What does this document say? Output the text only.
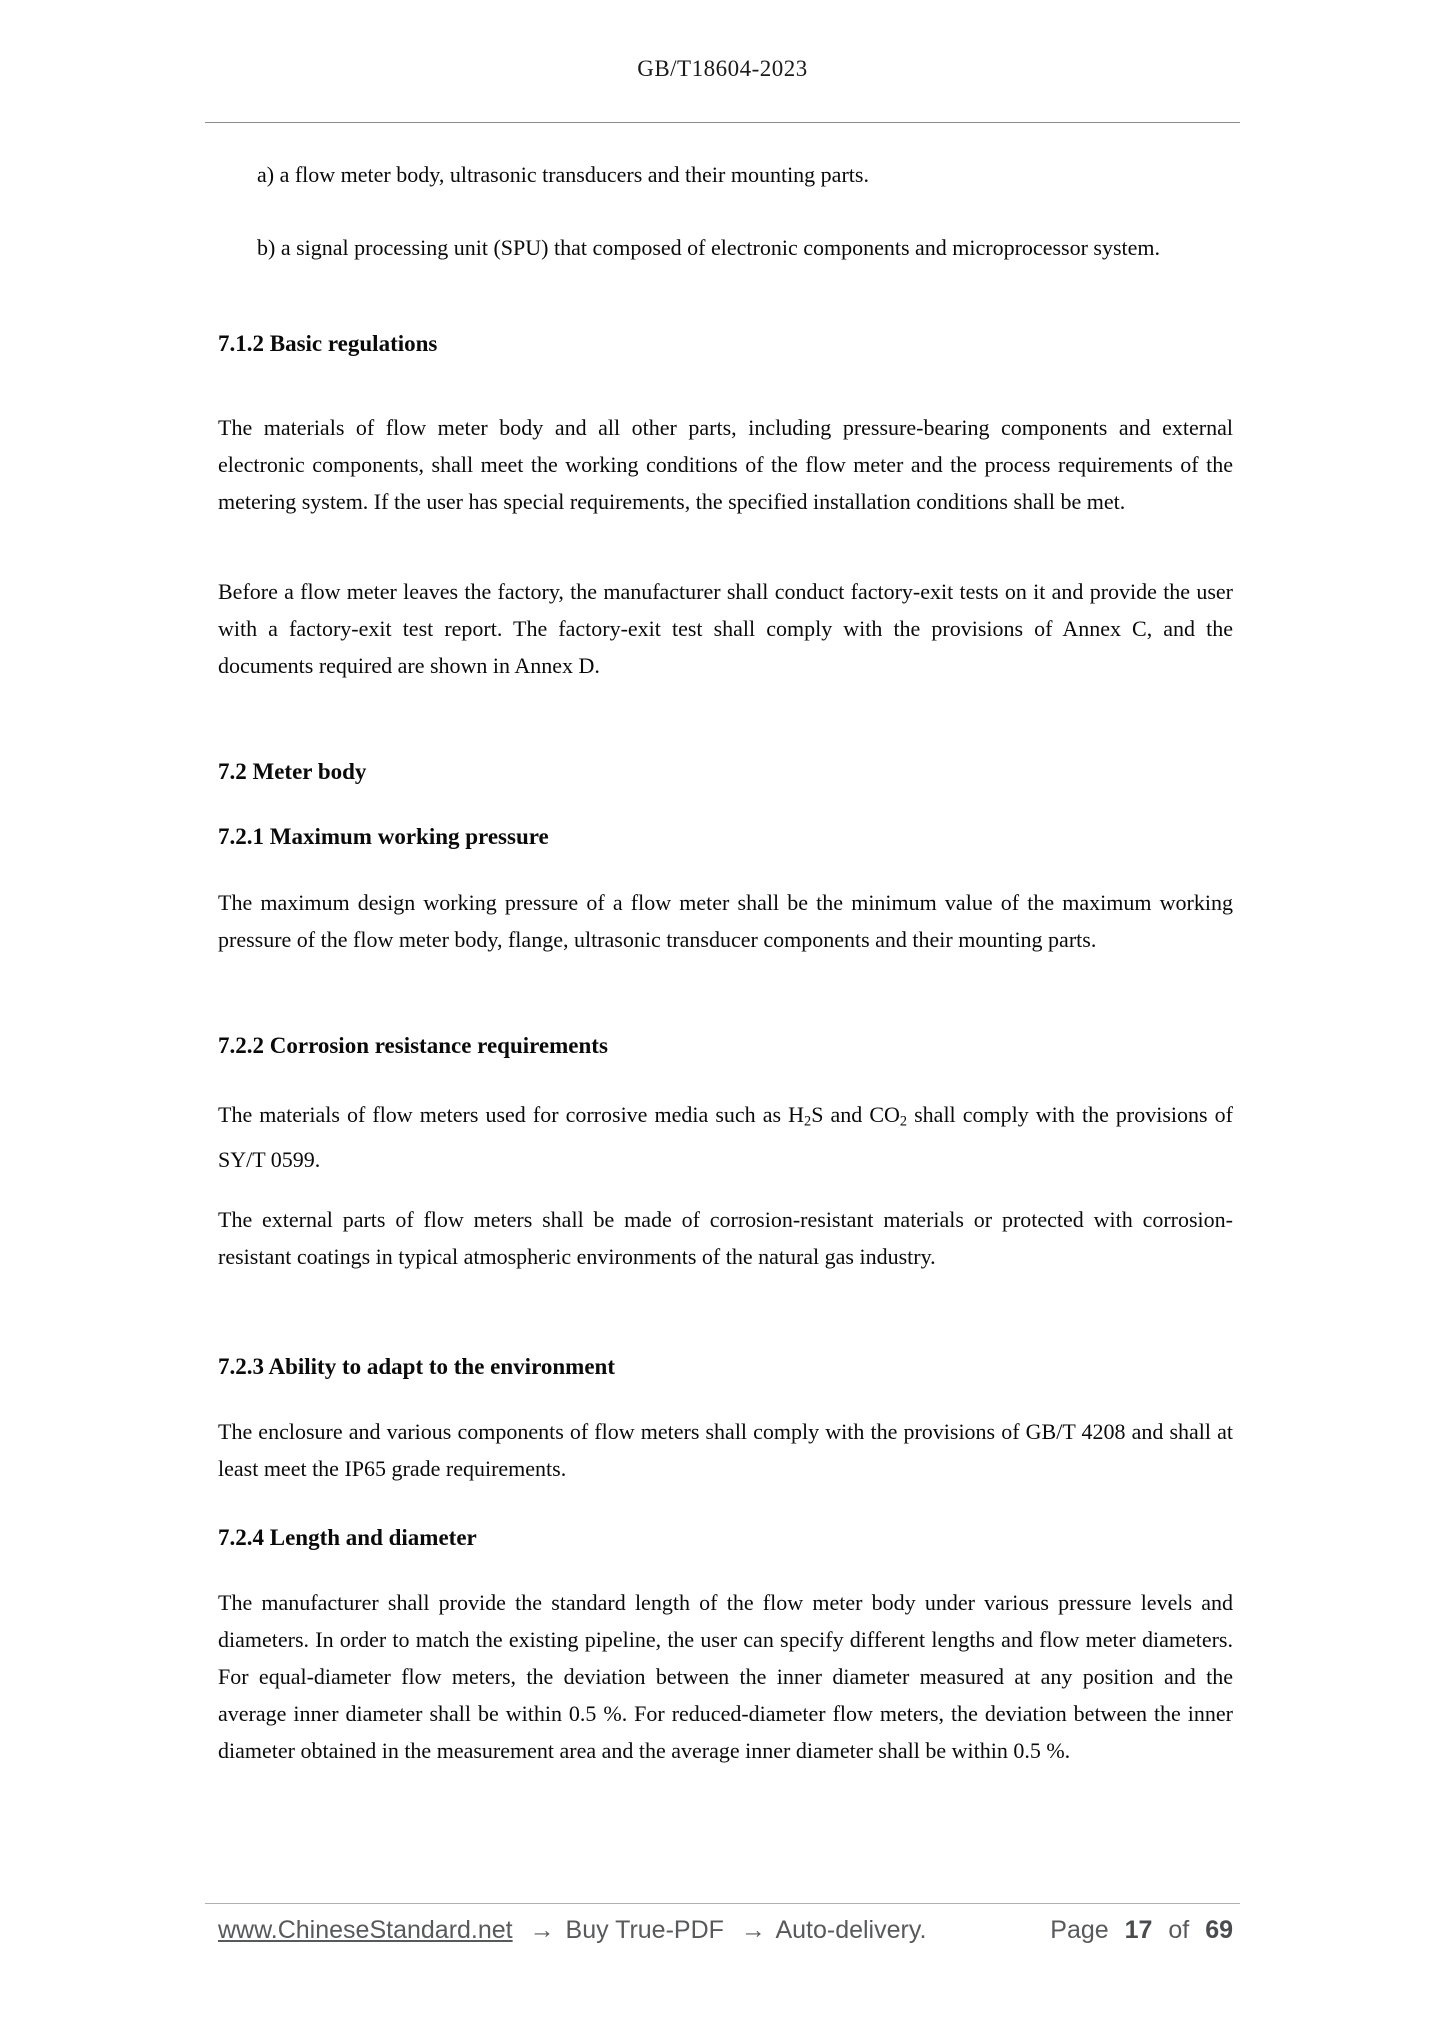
GB/T18604-2023

a) a flow meter body, ultrasonic transducers and their mounting parts.

b) a signal processing unit (SPU) that composed of electronic components and microprocessor system.

7.1.2 Basic regulations

The materials of flow meter body and all other parts, including pressure-bearing components and external electronic components, shall meet the working conditions of the flow meter and the process requirements of the metering system. If the user has special requirements, the specified installation conditions shall be met.

Before a flow meter leaves the factory, the manufacturer shall conduct factory-exit tests on it and provide the user with a factory-exit test report. The factory-exit test shall comply with the provisions of Annex C, and the documents required are shown in Annex D.

7.2 Meter body
7.2.1 Maximum working pressure

The maximum design working pressure of a flow meter shall be the minimum value of the maximum working pressure of the flow meter body, flange, ultrasonic transducer components and their mounting parts.

7.2.2 Corrosion resistance requirements

The materials of flow meters used for corrosive media such as $H_2S$ and $CO_2$ shall comply with the provisions of SY/T 0599.

The external parts of flow meters shall be made of corrosion-resistant materials or protected with corrosion-resistant coatings in typical atmospheric environments of the natural gas industry.

7.2.3 Ability to adapt to the environment

The enclosure and various components of flow meters shall comply with the provisions of GB/T 4208 and shall at least meet the IP65 grade requirements.

7.2.4 Length and diameter

The manufacturer shall provide the standard length of the flow meter body under various pressure levels and diameters. In order to match the existing pipeline, the user can specify different lengths and flow meter diameters. For equal-diameter flow meters, the deviation between the inner diameter measured at any position and the average inner diameter shall be within 0.5 %. For reduced-diameter flow meters, the deviation between the inner diameter obtained in the measurement area and the average inner diameter shall be within 0.5 %.

www.ChineseStandard.net → Buy True-PDF → Auto-delivery.	Page 17 of 69
